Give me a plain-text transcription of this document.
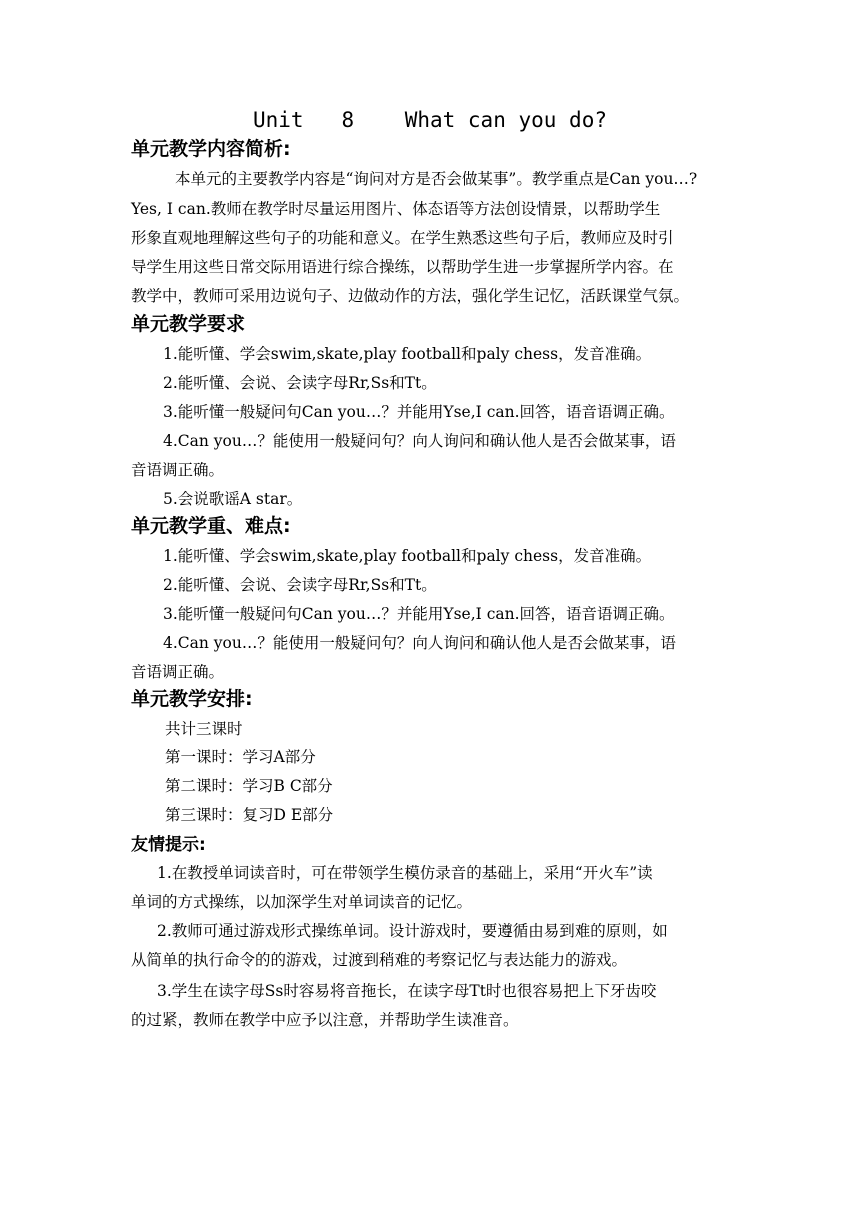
Unit   8    What can you do?
单元教学内容简析:
本单元的主要教学内容是“询问对方是否会做某事”。教学重点是Can you…?
Yes, I can.教师在教学时尽量运用图片、体态语等方法创设情景，以帮助学生
形象直观地理解这些句子的功能和意义。在学生熟悉这些句子后，教师应及时引
导学生用这些日常交际用语进行综合操练，以帮助学生进一步掌握所学内容。在
教学中，教师可采用边说句子、边做动作的方法，强化学生记忆，活跃课堂气氛。
单元教学要求
1.能听懂、学会swim,skate,play football和paly chess，发音准确。
2.能听懂、会说、会读字母Rr,Ss和Tt。
3.能听懂一般疑问句Can you…？并能用Yse,I can.回答，语音语调正确。
4.Can you…？能使用一般疑问句？向人询问和确认他人是否会做某事，语
音语调正确。
5.会说歌谣A star。
单元教学重、难点:
1.能听懂、学会swim,skate,play football和paly chess，发音准确。
2.能听懂、会说、会读字母Rr,Ss和Tt。
3.能听懂一般疑问句Can you…？并能用Yse,I can.回答，语音语调正确。
4.Can you…？能使用一般疑问句？向人询问和确认他人是否会做某事，语
音语调正确。
单元教学安排:
共计三课时
第一课时：学习A部分
第二课时：学习B C部分
第三课时：复习D E部分
友情提示:
1.在教授单词读音时，可在带领学生模仿录音的基础上，采用“开火车”读
单词的方式操练，以加深学生对单词读音的记忆。
2.教师可通过游戏形式操练单词。设计游戏时，要遵循由易到难的原则，如
从简单的执行命令的的游戏，过渡到稍难的考察记忆与表达能力的游戏。
3.学生在读字母Ss时容易将音拖长，在读字母Tt时也很容易把上下牙齿咬
的过紧，教师在教学中应予以注意，并帮助学生读准音。
